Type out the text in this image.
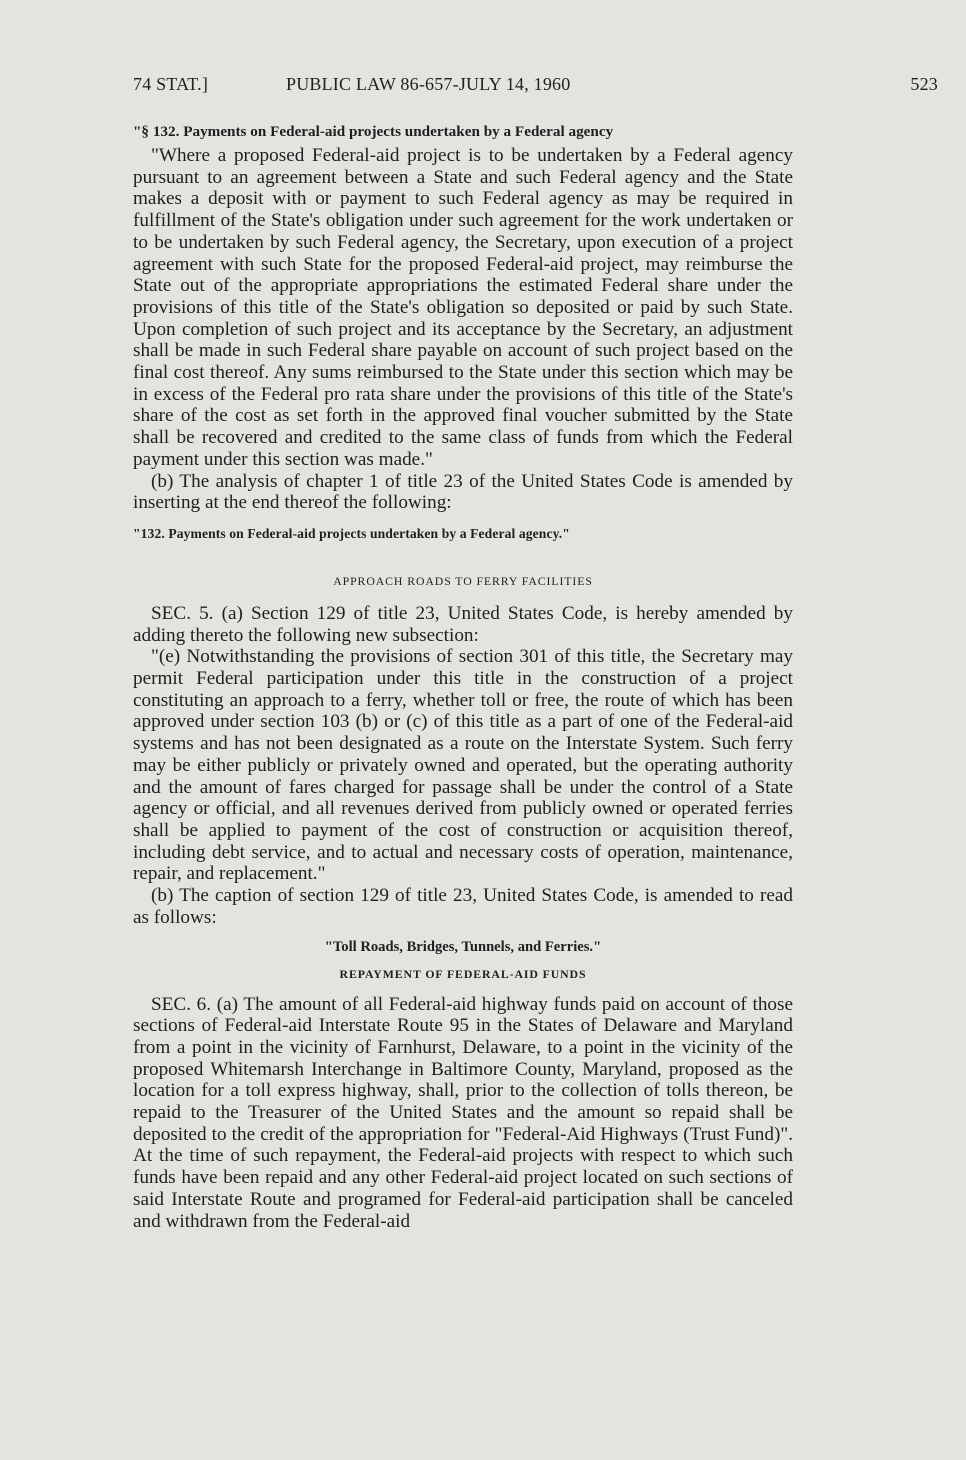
74 STAT.]	PUBLIC LAW 86-657-JULY 14, 1960	523
"§ 132. Payments on Federal-aid projects undertaken by a Federal agency

"Where a proposed Federal-aid project is to be undertaken by a Federal agency pursuant to an agreement between a State and such Federal agency and the State makes a deposit with or payment to such Federal agency as may be required in fulfillment of the State's obligation under such agreement for the work undertaken or to be undertaken by such Federal agency, the Secretary, upon execution of a project agreement with such State for the proposed Federal-aid project, may reimburse the State out of the appropriate appropriations the estimated Federal share under the provisions of this title of the State's obligation so deposited or paid by such State. Upon completion of such project and its acceptance by the Secretary, an adjustment shall be made in such Federal share payable on account of such project based on the final cost thereof. Any sums reimbursed to the State under this section which may be in excess of the Federal pro rata share under the provisions of this title of the State's share of the cost as set forth in the approved final voucher submitted by the State shall be recovered and credited to the same class of funds from which the Federal payment under this section was made."

(b) The analysis of chapter 1 of title 23 of the United States Code is amended by inserting at the end thereof the following:

"132. Payments on Federal-aid projects undertaken by a Federal agency."
APPROACH ROADS TO FERRY FACILITIES

SEC. 5. (a) Section 129 of title 23, United States Code, is hereby amended by adding thereto the following new subsection:

"(e) Notwithstanding the provisions of section 301 of this title, the Secretary may permit Federal participation under this title in the construction of a project constituting an approach to a ferry, whether toll or free, the route of which has been approved under section 103 (b) or (c) of this title as a part of one of the Federal-aid systems and has not been designated as a route on the Interstate System. Such ferry may be either publicly or privately owned and operated, but the operating authority and the amount of fares charged for passage shall be under the control of a State agency or official, and all revenues derived from publicly owned or operated ferries shall be applied to payment of the cost of construction or acquisition thereof, including debt service, and to actual and necessary costs of operation, maintenance, repair, and replacement."

(b) The caption of section 129 of title 23, United States Code, is amended to read as follows:

"Toll Roads, Bridges, Tunnels, and Ferries."
REPAYMENT OF FEDERAL-AID FUNDS

SEC. 6. (a) The amount of all Federal-aid highway funds paid on account of those sections of Federal-aid Interstate Route 95 in the States of Delaware and Maryland from a point in the vicinity of Farnhurst, Delaware, to a point in the vicinity of the proposed Whitemarsh Interchange in Baltimore County, Maryland, proposed as the location for a toll express highway, shall, prior to the collection of tolls thereon, be repaid to the Treasurer of the United States and the amount so repaid shall be deposited to the credit of the appropriation for "Federal-Aid Highways (Trust Fund)". At the time of such repayment, the Federal-aid projects with respect to which such funds have been repaid and any other Federal-aid project located on such sections of said Interstate Route and programed for Federal-aid participation shall be canceled and withdrawn from the Federal-aid
